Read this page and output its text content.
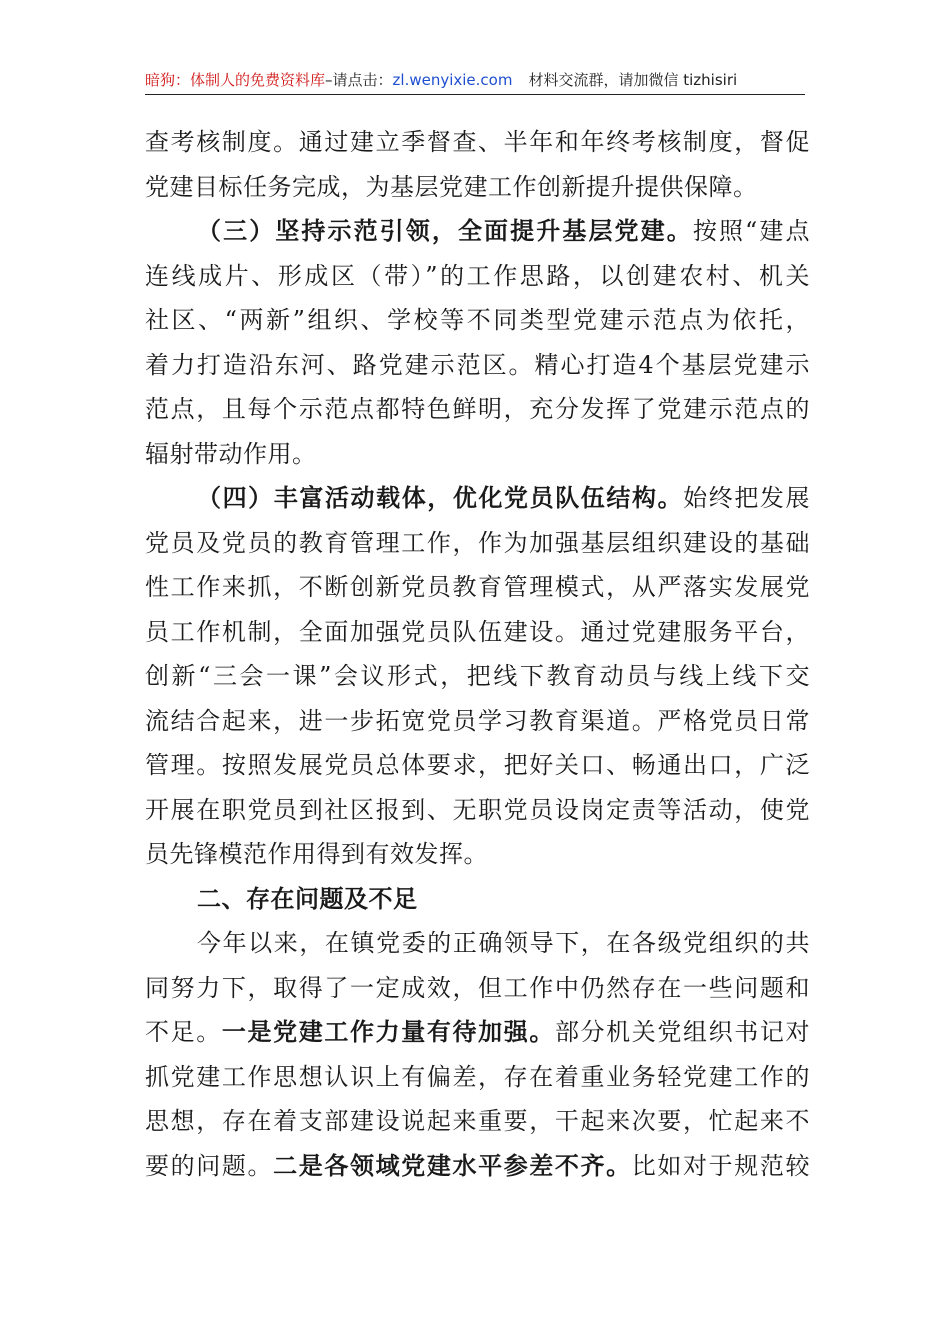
暗狗：体制人的免费资料库–请点击：zl.wenyixie.com 材料交流群，请加微信 tizhisiri
查考核制度。通过建立季督查、半年和年终考核制度，督促
党建目标任务完成，为基层党建工作创新提升提供保障。
（三）坚持示范引领，全面提升基层党建。按照“建点
连线成片、形成区（带）”的工作思路，以创建农村、机关
社区、“两新”组织、学校等不同类型党建示范点为依托，
着力打造沿东河、路党建示范区。精心打造4个基层党建示
范点，且每个示范点都特色鲜明，充分发挥了党建示范点的
辐射带动作用。
（四）丰富活动载体，优化党员队伍结构。始终把发展
党员及党员的教育管理工作，作为加强基层组织建设的基础
性工作来抓，不断创新党员教育管理模式，从严落实发展党
员工作机制，全面加强党员队伍建设。通过党建服务平台，
创新“三会一课”会议形式，把线下教育动员与线上线下交
流结合起来，进一步拓宽党员学习教育渠道。严格党员日常
管理。按照发展党员总体要求，把好关口、畅通出口，广泛
开展在职党员到社区报到、无职党员设岗定责等活动，使党
员先锋模范作用得到有效发挥。
二、存在问题及不足
今年以来，在镇党委的正确领导下，在各级党组织的共
同努力下，取得了一定成效，但工作中仍然存在一些问题和
不足。一是党建工作力量有待加强。部分机关党组织书记对
抓党建工作思想认识上有偏差，存在着重业务轻党建工作的
思想，存在着支部建设说起来重要，干起来次要，忙起来不
要的问题。二是各领域党建水平参差不齐。比如对于规范较
